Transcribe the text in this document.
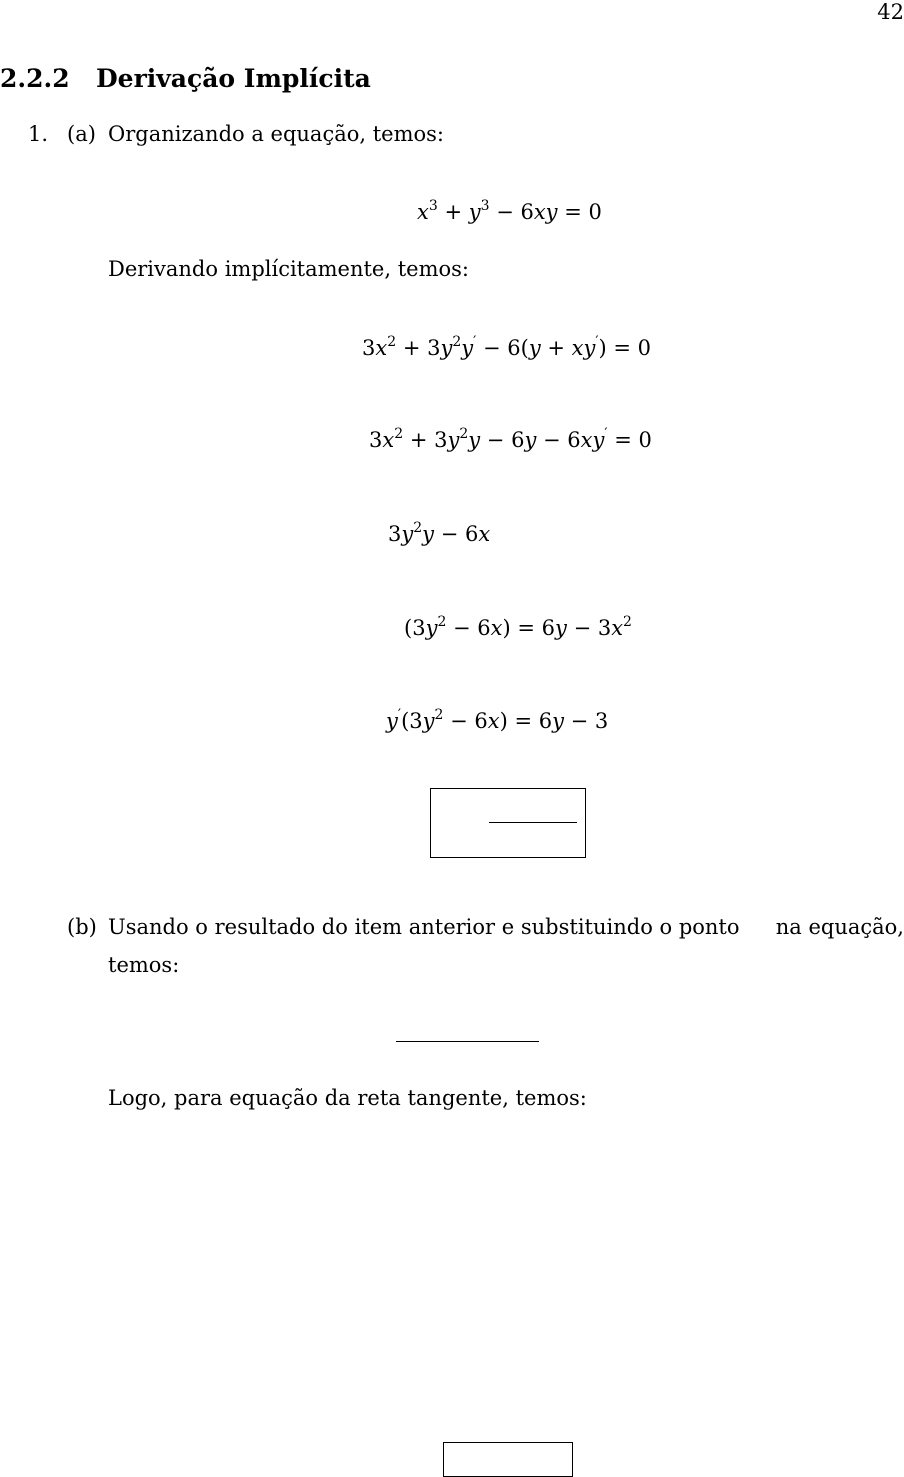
42
2.2.2 Derivação Implícita
1. (a) Organizando a equação, temos:
$x^3 + y^3 - 6xy = 0$
Derivando implícitamente, temos:
$3x^2 + 3y^2y' - 6(y + xy') = 0$
$3x^2 + 3y^2y - 6y - 6xy' = 0$
$3y^2y - 6x$
$(3y^2 - 6x) = 6y - 3x^2$
$y'(3y^2 - 6x) = 6y - 3$
(b) Usando o resultado do item anterior e substituindo o ponto na equação,
temos:
Logo, para equação da reta tangente, temos:
